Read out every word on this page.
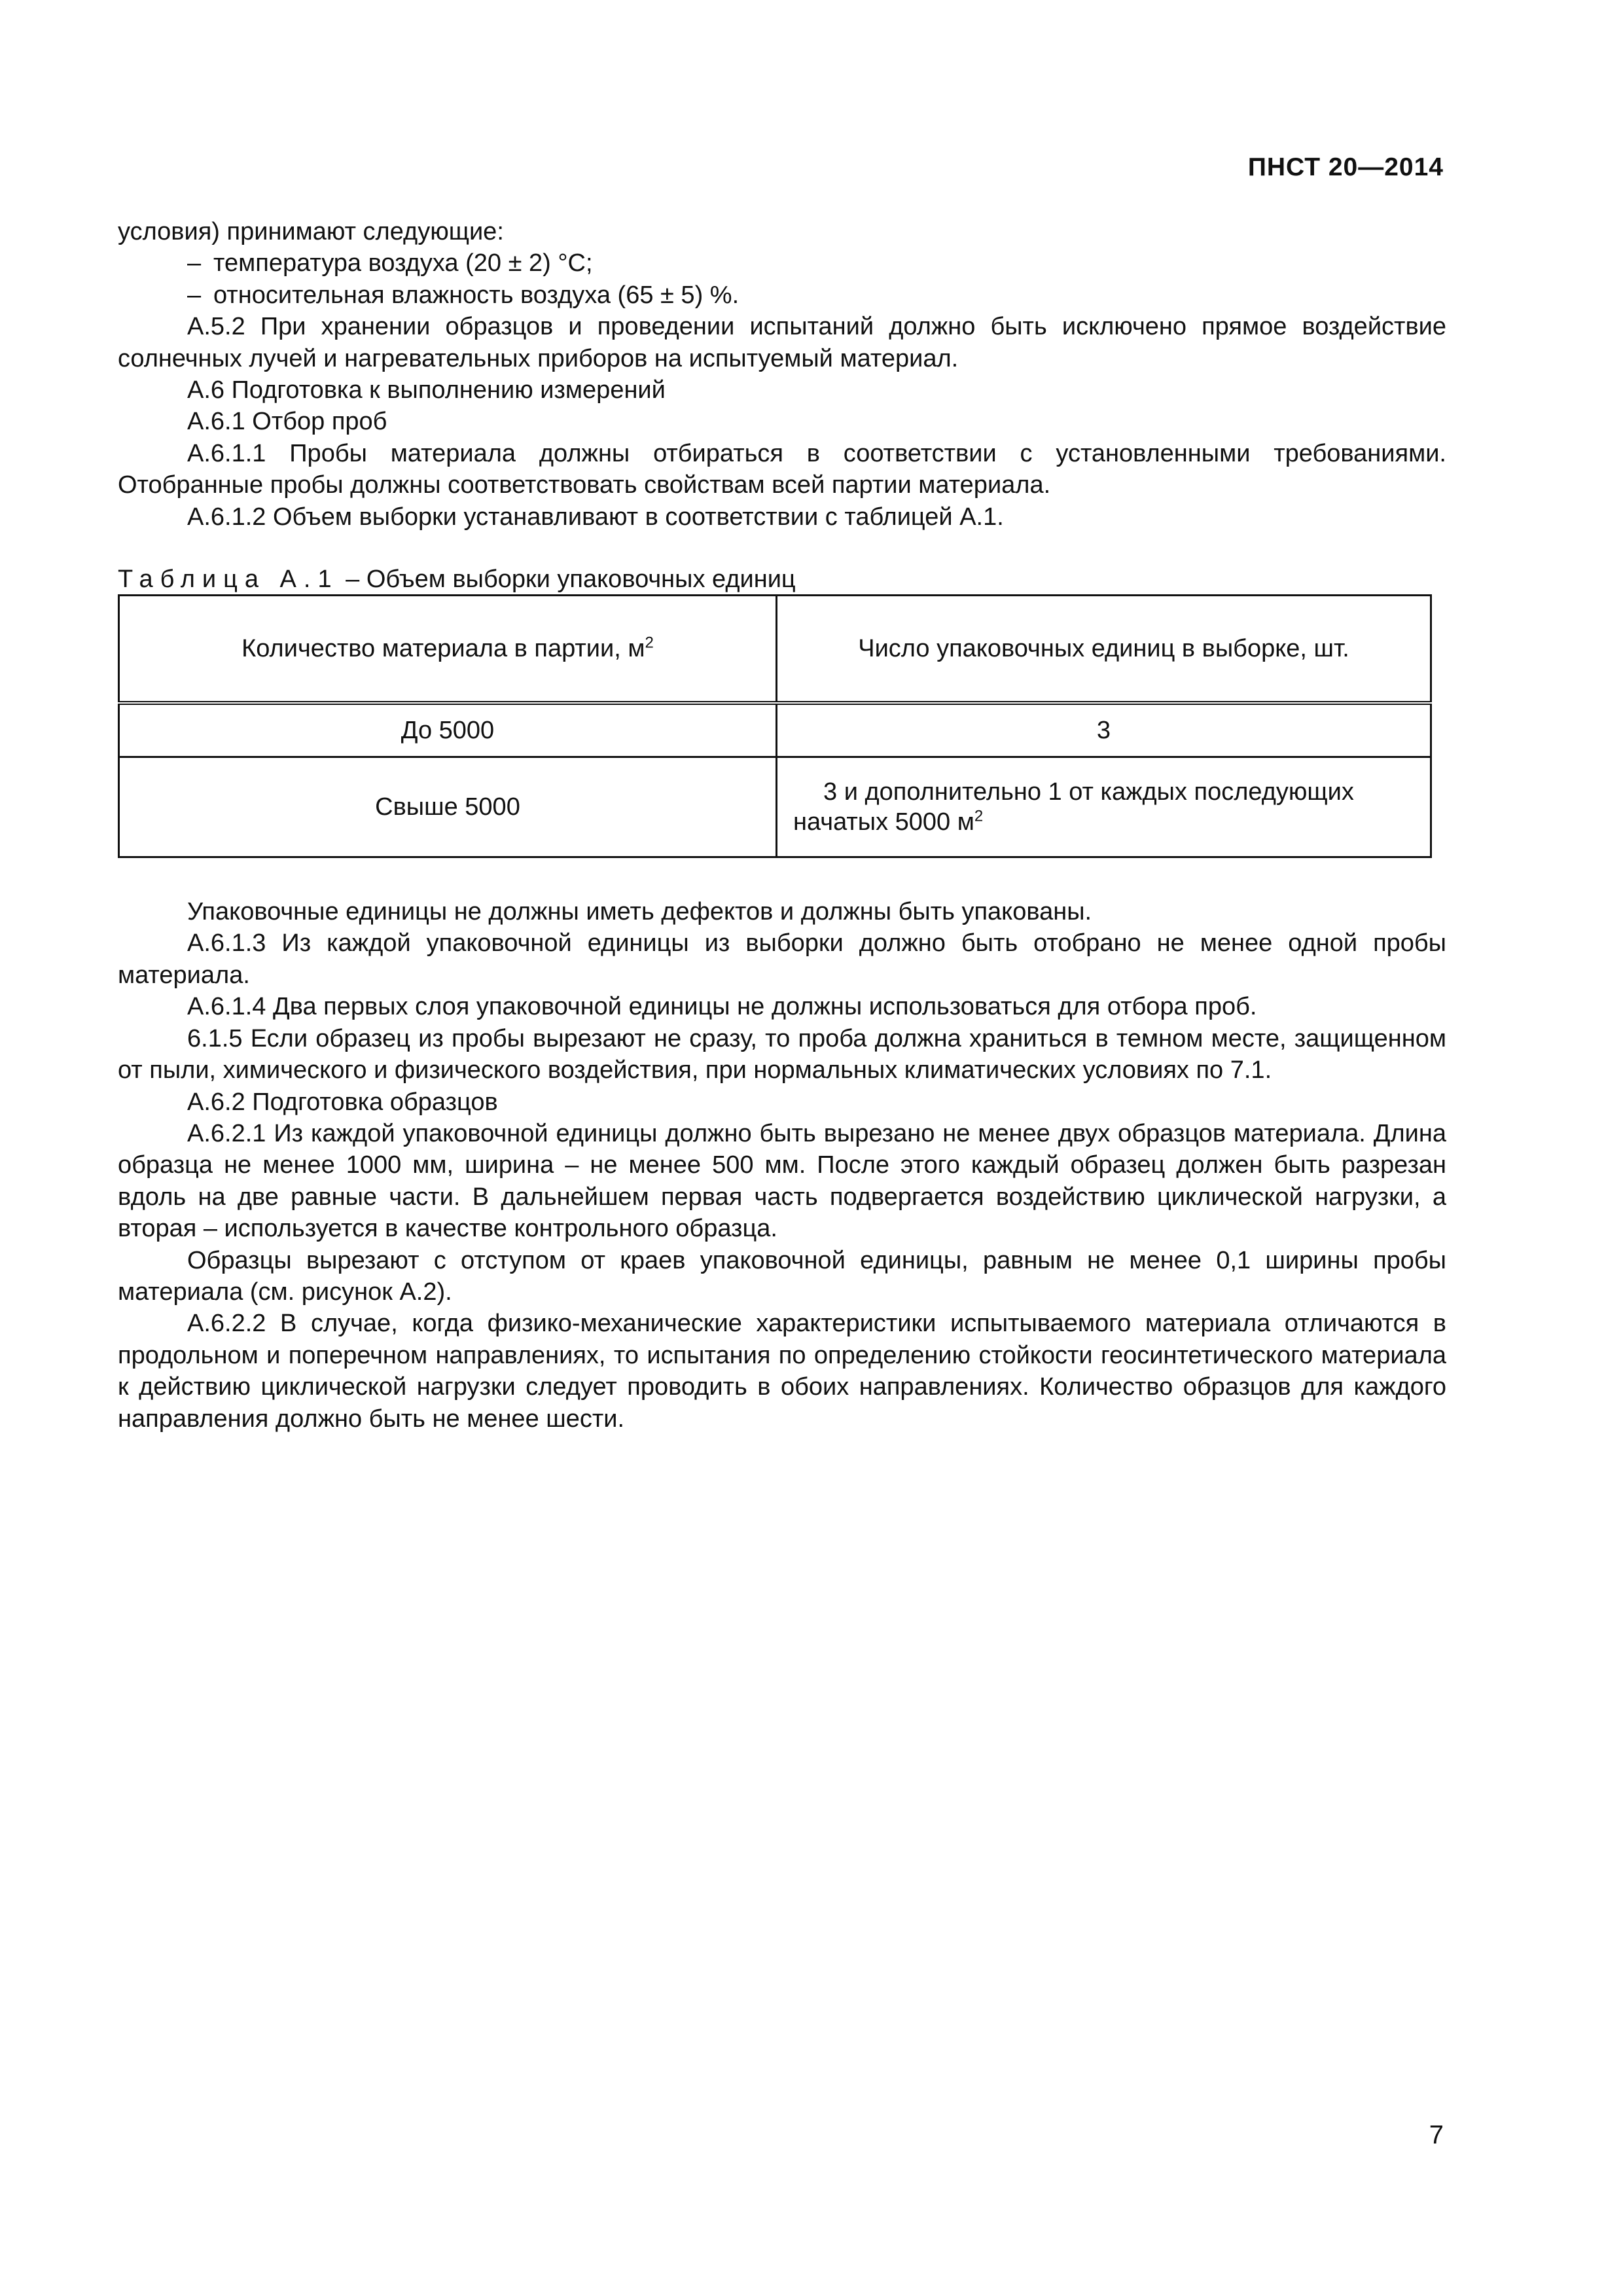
ПНСТ 20—2014

условия) принимают следующие:

– температура воздуха (20 ± 2) °С;

– относительная влажность воздуха (65 ± 5) %.

А.5.2 При хранении образцов и проведении испытаний должно быть исключено прямое воздействие солнечных лучей и нагревательных приборов на испытуемый материал.

А.6 Подготовка к выполнению измерений

А.6.1 Отбор проб

А.6.1.1 Пробы материала должны отбираться в соответствии с установленными требованиями. Отобранные пробы должны соответствовать свойствам всей партии материала.

А.6.1.2 Объем выборки устанавливают в соответствии с таблицей А.1.

Таблица А.1 – Объем выборки упаковочных единиц
Количество материала в партии, $м^2$	Число упаковочных единиц в выборке, шт.
До 5000	3
Свыше 5000	3 и дополнительно 1 от каждых последующих
начатых 5000 $м^2$

Упаковочные единицы не должны иметь дефектов и должны быть упакованы.

А.6.1.3 Из каждой упаковочной единицы из выборки должно быть отобрано не менее одной пробы материала.

А.6.1.4 Два первых слоя упаковочной единицы не должны использоваться для отбора проб.

6.1.5 Если образец из пробы вырезают не сразу, то проба должна храниться в темном месте, защищенном от пыли, химического и физического воздействия, при нормальных климатических условиях по 7.1.

А.6.2 Подготовка образцов

А.6.2.1 Из каждой упаковочной единицы должно быть вырезано не менее двух образцов материала. Длина образца не менее 1000 мм, ширина – не менее 500 мм. После этого каждый образец должен быть разрезан вдоль на две равные части. В дальнейшем первая часть подвергается воздействию циклической нагрузки, а вторая – используется в качестве контрольного образца.

Образцы вырезают с отступом от краев упаковочной единицы, равным не менее 0,1 ширины пробы материала (см. рисунок А.2).

А.6.2.2 В случае, когда физико-механические характеристики испытываемого материала отличаются в продольном и поперечном направлениях, то испытания по определению стойкости геосинтетического материала к действию циклической нагрузки следует проводить в обоих направлениях. Количество образцов для каждого направления должно быть не менее шести.

7
